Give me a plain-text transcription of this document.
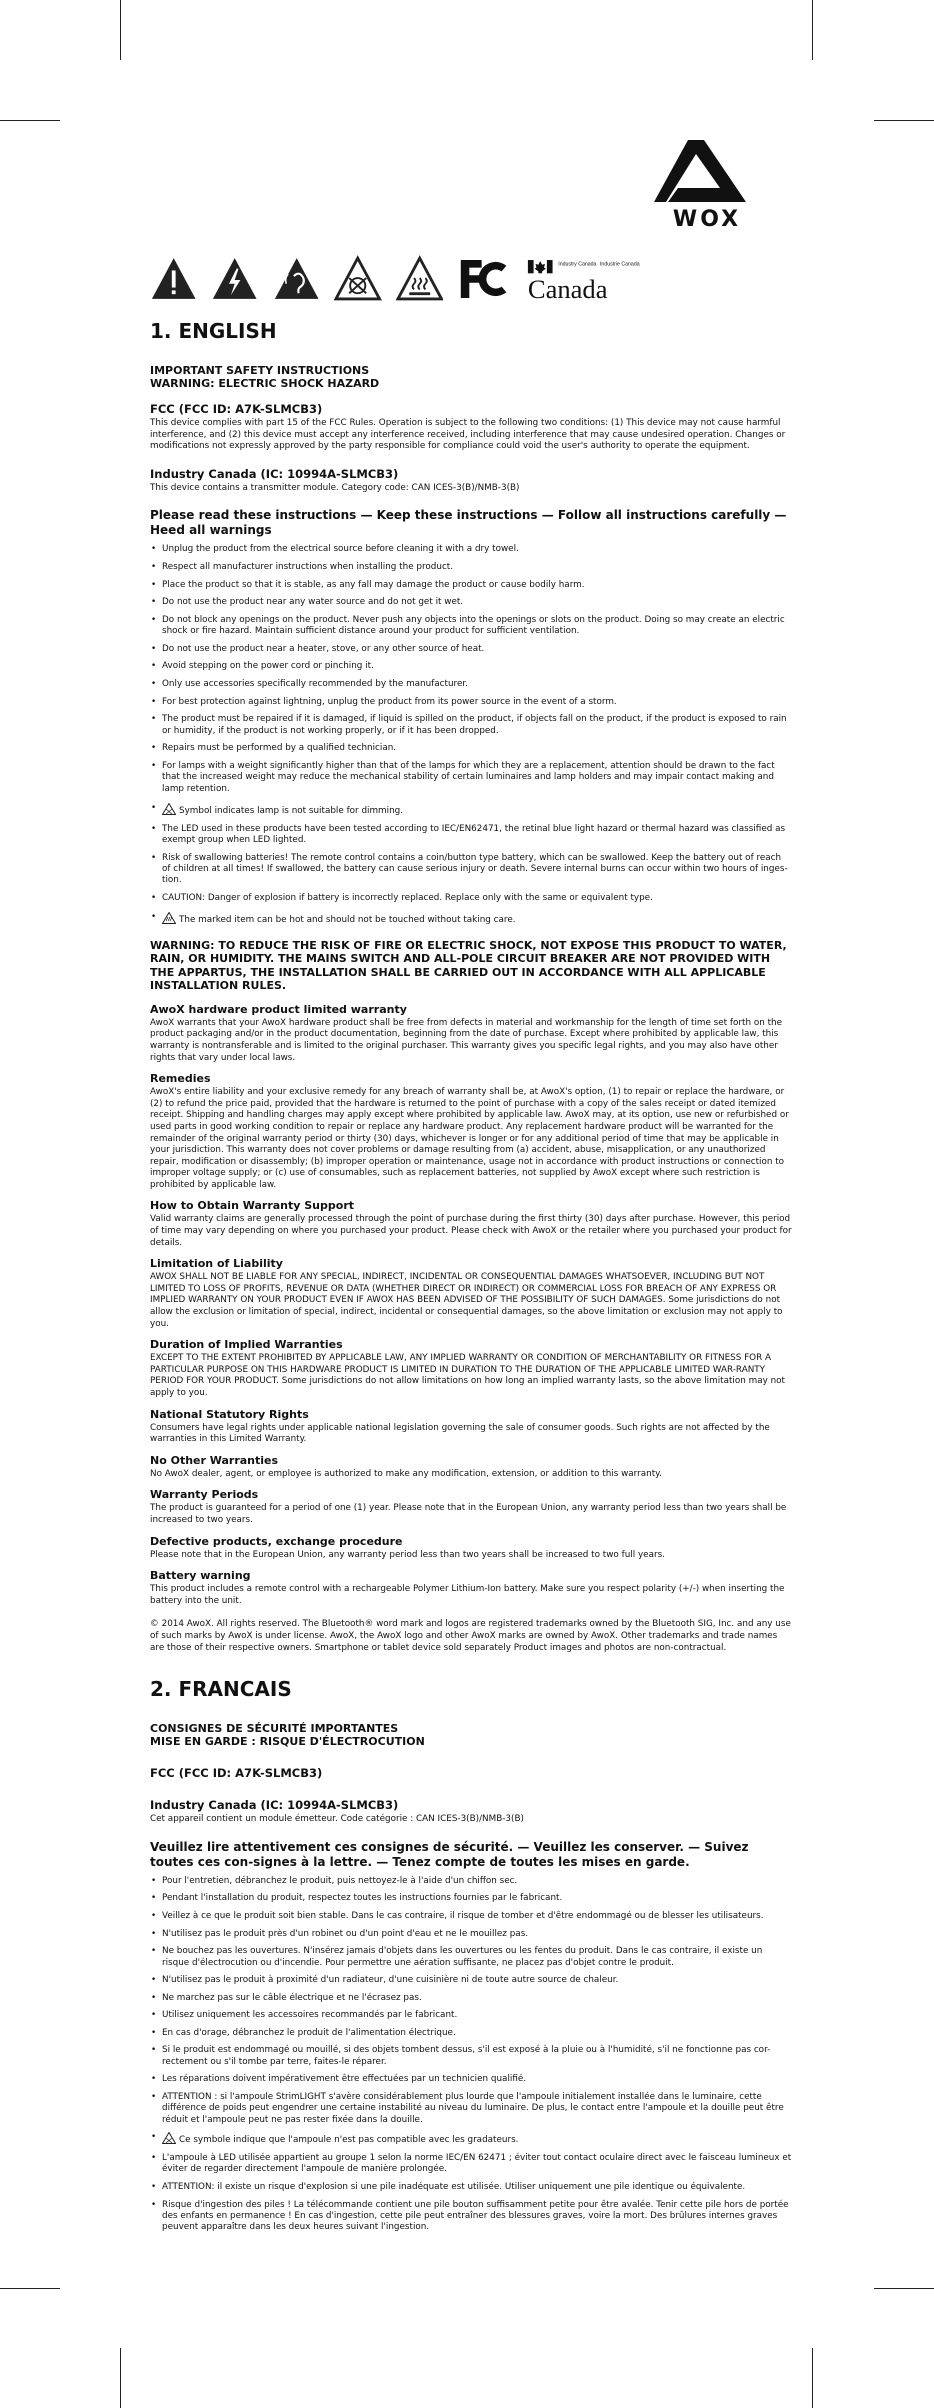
WOX
Industry Canada Industrie Canada
Canada
1. ENGLISH
IMPORTANT SAFETY INSTRUCTIONS
WARNING: ELECTRIC SHOCK HAZARD
FCC (FCC ID: A7K-SLMCB3)

This device complies with part 15 of the FCC Rules. Operation is subject to the following two conditions: (1) This device may not cause harmful interference, and (2) this device must accept any interference received, including interference that may cause undesired operation. Changes or modifications not expressly approved by the party responsible for compliance could void the user's authority to operate the equipment.

Industry Canada (IC: 10994A-SLMCB3)

This device contains a transmitter module. Category code: CAN ICES-3(B)/NMB-3(B)

Please read these instructions — Keep these instructions — Follow all instructions carefully — Heed all warnings
• Unplug the product from the electrical source before cleaning it with a dry towel.
• Respect all manufacturer instructions when installing the product.
• Place the product so that it is stable, as any fall may damage the product or cause bodily harm.
• Do not use the product near any water source and do not get it wet.
• Do not block any openings on the product. Never push any objects into the openings or slots on the product. Doing so may create an electric shock or fire hazard. Maintain sufficient distance around your product for sufficient ventilation.
• Do not use the product near a heater, stove, or any other source of heat.
• Avoid stepping on the power cord or pinching it.
• Only use accessories specifically recommended by the manufacturer.
• For best protection against lightning, unplug the product from its power source in the event of a storm.
• The product must be repaired if it is damaged, if liquid is spilled on the product, if objects fall on the product, if the product is exposed to rain or humidity, if the product is not working properly, or if it has been dropped.
• Repairs must be performed by a qualified technician.
• For lamps with a weight significantly higher than that of the lamps for which they are a replacement, attention should be drawn to the fact that the increased weight may reduce the mechanical stability of certain luminaires and lamp holders and may impair contact making and lamp retention.
• Symbol indicates lamp is not suitable for dimming.
• The LED used in these products have been tested according to IEC/EN62471, the retinal blue light hazard or thermal hazard was classified as exempt group when LED lighted.
• Risk of swallowing batteries! The remote control contains a coin/button type battery, which can be swallowed. Keep the battery out of reach of children at all times! If swallowed, the battery can cause serious injury or death. Severe internal burns can occur within two hours of inges-tion.
• CAUTION: Danger of explosion if battery is incorrectly replaced. Replace only with the same or equivalent type.
• The marked item can be hot and should not be touched without taking care.
WARNING: TO REDUCE THE RISK OF FIRE OR ELECTRIC SHOCK, NOT EXPOSE THIS PRODUCT TO WATER, RAIN, OR HUMIDITY. THE MAINS SWITCH AND ALL-POLE CIRCUIT BREAKER ARE NOT PROVIDED WITH THE APPARTUS, THE INSTALLATION SHALL BE CARRIED OUT IN ACCORDANCE WITH ALL APPLICABLE INSTALLATION RULES.
AwoX hardware product limited warranty

AwoX warrants that your AwoX hardware product shall be free from defects in material and workmanship for the length of time set forth on the product packaging and/or in the product documentation, beginning from the date of purchase. Except where prohibited by applicable law, this warranty is nontransferable and is limited to the original purchaser. This warranty gives you specific legal rights, and you may also have other rights that vary under local laws.

Remedies

AwoX's entire liability and your exclusive remedy for any breach of warranty shall be, at AwoX's option, (1) to repair or replace the hardware, or (2) to refund the price paid, provided that the hardware is returned to the point of purchase with a copy of the sales receipt or dated itemized receipt. Shipping and handling charges may apply except where prohibited by applicable law. AwoX may, at its option, use new or refurbished or used parts in good working condition to repair or replace any hardware product. Any replacement hardware product will be warranted for the remainder of the original warranty period or thirty (30) days, whichever is longer or for any additional period of time that may be applicable in your jurisdiction. This warranty does not cover problems or damage resulting from (a) accident, abuse, misapplication, or any unauthorized repair, modification or disassembly; (b) improper operation or maintenance, usage not in accordance with product instructions or connection to improper voltage supply; or (c) use of consumables, such as replacement batteries, not supplied by AwoX except where such restriction is prohibited by applicable law.

How to Obtain Warranty Support

Valid warranty claims are generally processed through the point of purchase during the first thirty (30) days after purchase. However, this period of time may vary depending on where you purchased your product. Please check with AwoX or the retailer where you purchased your product for details.

Limitation of Liability

AWOX SHALL NOT BE LIABLE FOR ANY SPECIAL, INDIRECT, INCIDENTAL OR CONSEQUENTIAL DAMAGES WHATSOEVER, INCLUDING BUT NOT LIMITED TO LOSS OF PROFITS, REVENUE OR DATA (WHETHER DIRECT OR INDIRECT) OR COMMERCIAL LOSS FOR BREACH OF ANY EXPRESS OR IMPLIED WARRANTY ON YOUR PRODUCT EVEN IF AWOX HAS BEEN ADVISED OF THE POSSIBILITY OF SUCH DAMAGES. Some jurisdictions do not allow the exclusion or limitation of special, indirect, incidental or consequential damages, so the above limitation or exclusion may not apply to you.

Duration of Implied Warranties

EXCEPT TO THE EXTENT PROHIBITED BY APPLICABLE LAW, ANY IMPLIED WARRANTY OR CONDITION OF MERCHANTABILITY OR FITNESS FOR A PARTICULAR PURPOSE ON THIS HARDWARE PRODUCT IS LIMITED IN DURATION TO THE DURATION OF THE APPLICABLE LIMITED WAR-RANTY PERIOD FOR YOUR PRODUCT. Some jurisdictions do not allow limitations on how long an implied warranty lasts, so the above limitation may not apply to you.

National Statutory Rights

Consumers have legal rights under applicable national legislation governing the sale of consumer goods. Such rights are not affected by the warranties in this Limited Warranty.

No Other Warranties

No AwoX dealer, agent, or employee is authorized to make any modification, extension, or addition to this warranty.

Warranty Periods

The product is guaranteed for a period of one (1) year. Please note that in the European Union, any warranty period less than two years shall be increased to two years.

Defective products, exchange procedure

Please note that in the European Union, any warranty period less than two years shall be increased to two full years.

Battery warning

This product includes a remote control with a rechargeable Polymer Lithium-Ion battery. Make sure you respect polarity (+/-) when inserting the battery into the unit.

© 2014 AwoX. All rights reserved. The Bluetooth® word mark and logos are registered trademarks owned by the Bluetooth SIG, Inc. and any use of such marks by AwoX is under license. AwoX, the AwoX logo and other AwoX marks are owned by AwoX. Other trademarks and trade names are those of their respective owners. Smartphone or tablet device sold separately Product images and photos are non-contractual.

2. FRANCAIS
CONSIGNES DE SÉCURITÉ IMPORTANTES
MISE EN GARDE : RISQUE D'ÉLECTROCUTION
FCC (FCC ID: A7K-SLMCB3)
Industry Canada (IC: 10994A-SLMCB3)

Cet appareil contient un module émetteur. Code catégorie : CAN ICES-3(B)/NMB-3(B)

Veuillez lire attentivement ces consignes de sécurité. — Veuillez les conserver. — Suivez toutes ces con-signes à la lettre. — Tenez compte de toutes les mises en garde.
• Pour l'entretien, débranchez le produit, puis nettoyez-le à l'aide d'un chiffon sec.
• Pendant l'installation du produit, respectez toutes les instructions fournies par le fabricant.
• Veillez à ce que le produit soit bien stable. Dans le cas contraire, il risque de tomber et d'être endommagé ou de blesser les utilisateurs.
• N'utilisez pas le produit près d'un robinet ou d'un point d'eau et ne le mouillez pas.
• Ne bouchez pas les ouvertures. N'insérez jamais d'objets dans les ouvertures ou les fentes du produit. Dans le cas contraire, il existe un risque d'électrocution ou d'incendie. Pour permettre une aération suffisante, ne placez pas d'objet contre le produit.
• N'utilisez pas le produit à proximité d'un radiateur, d'une cuisinière ni de toute autre source de chaleur.
• Ne marchez pas sur le câble électrique et ne l'écrasez pas.
• Utilisez uniquement les accessoires recommandés par le fabricant.
• En cas d'orage, débranchez le produit de l'alimentation électrique.
• Si le produit est endommagé ou mouillé, si des objets tombent dessus, s'il est exposé à la pluie ou à l'humidité, s'il ne fonctionne pas cor-rectement ou s'il tombe par terre, faites-le réparer.
• Les réparations doivent impérativement être effectuées par un technicien qualifié.
• ATTENTION : si l'ampoule StrimLIGHT s'avère considérablement plus lourde que l'ampoule initialement installée dans le luminaire, cette différence de poids peut engendrer une certaine instabilité au niveau du luminaire. De plus, le contact entre l'ampoule et la douille peut être réduit et l'ampoule peut ne pas rester fixée dans la douille.
• Ce symbole indique que l'ampoule n'est pas compatible avec les gradateurs.
• L'ampoule à LED utilisée appartient au groupe 1 selon la norme IEC/EN 62471 ; éviter tout contact oculaire direct avec le faisceau lumineux et éviter de regarder directement l'ampoule de manière prolongée.
• ATTENTION: il existe un risque d'explosion si une pile inadéquate est utilisée. Utiliser uniquement une pile identique ou équivalente.
• Risque d'ingestion des piles ! La télécommande contient une pile bouton suffisamment petite pour être avalée. Tenir cette pile hors de portée des enfants en permanence ! En cas d'ingestion, cette pile peut entraîner des blessures graves, voire la mort. Des brûlures internes graves peuvent apparaître dans les deux heures suivant l'ingestion.
